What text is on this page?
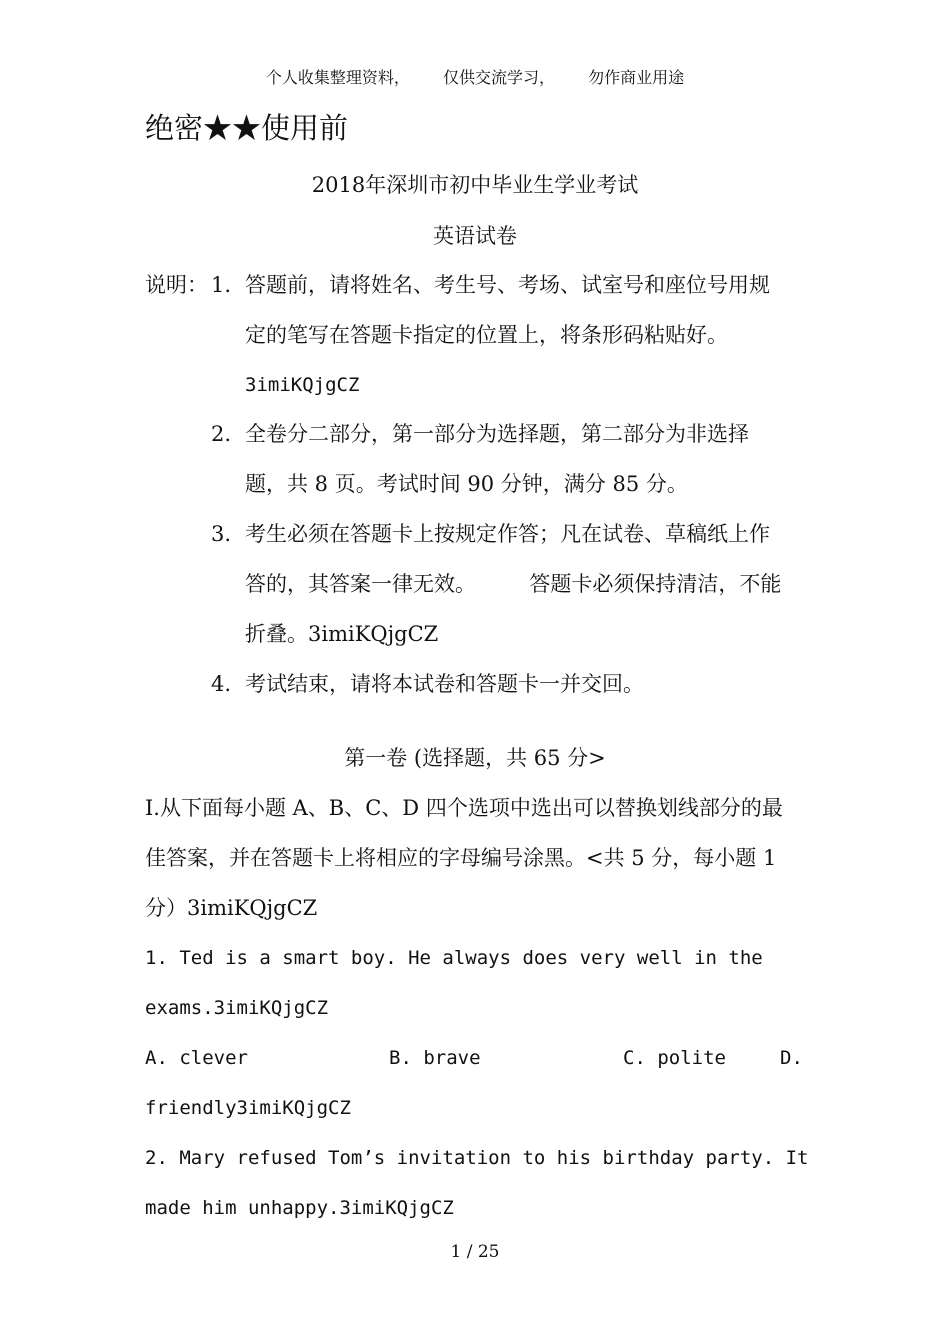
个人收集整理资料， 仅供交流学习， 勿作商业用途
绝密★★使用前
2018年深圳市初中毕业生学业考试
英语试卷
说明： 1. 答题前，请将姓名、考生号、考场、试室号和座位号用规
定的笔写在答题卡指定的位置上，将条形码粘贴好。
3imiKQjgCZ
2. 全卷分二部分，第一部分为选择题，第二部分为非选择
题，共 8 页。考试时间 90 分钟，满分 85 分。
3. 考生必须在答题卡上按规定作答；凡在试卷、草稿纸上作
答的，其答案一律无效。        答题卡必须保持清洁，不能
折叠。3imiKQjgCZ
4. 考试结束，请将本试卷和答题卡一并交回。
第一卷 (选择题，共 65 分>
I.从下面每小题 A、B、C、D 四个选项中选出可以替换划线部分的最
佳答案，并在答题卡上将相应的字母编号涂黑。<共 5 分，每小题 1
分）3imiKQjgCZ
1. Ted is a smart boy. He always does very well in the
exams.3imiKQjgCZ
A. clever	B. brave	C. polite	D.
friendly3imiKQjgCZ
2. Mary refused Tom’s invitation to his birthday party. It
made him unhappy.3imiKQjgCZ
1 / 25
